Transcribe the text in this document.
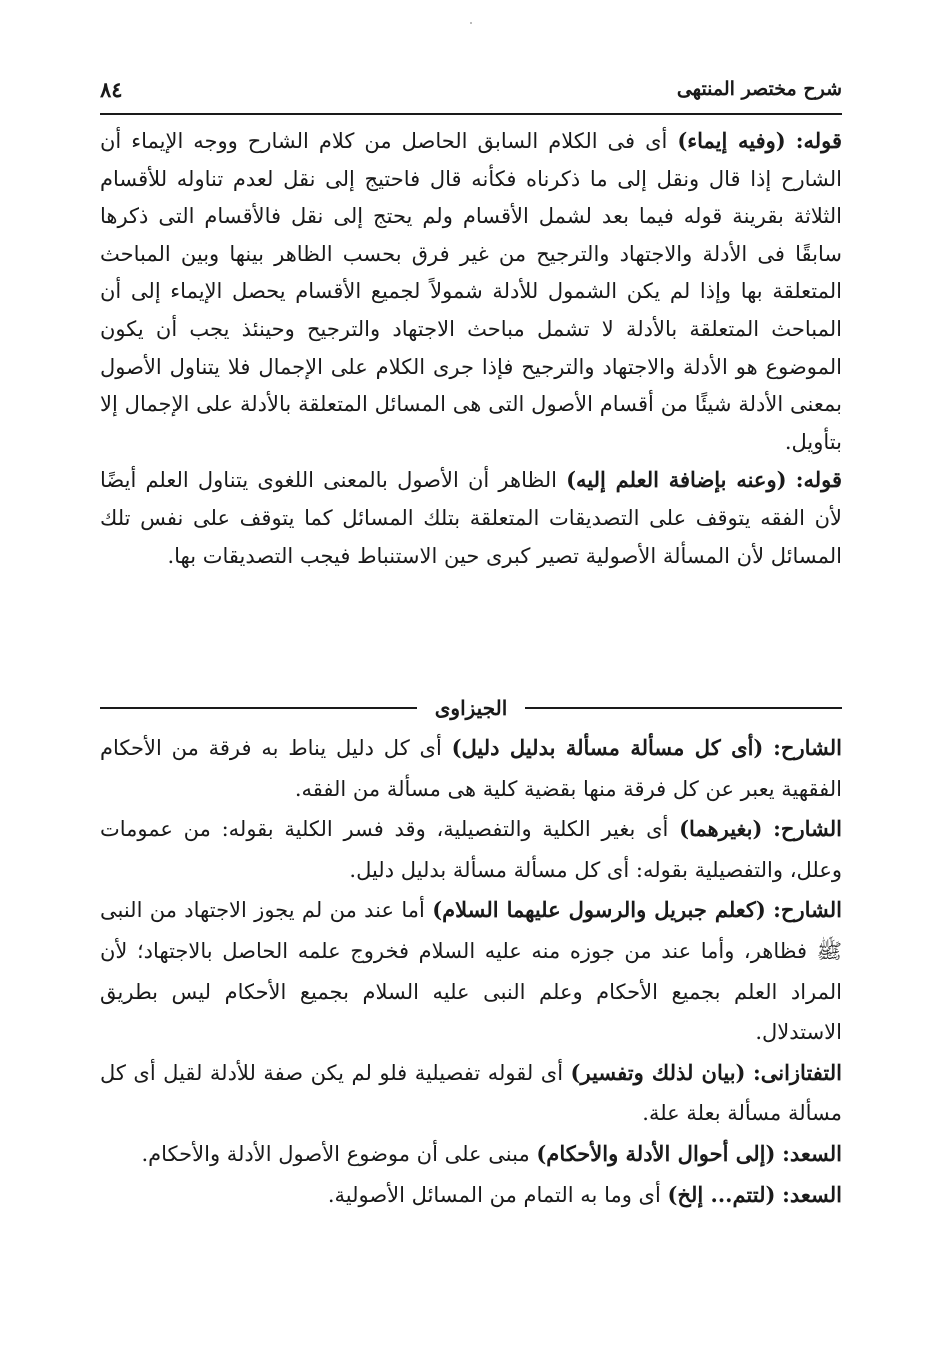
شرح مختصر المنتهى
٨٤

قوله: (وفيه إيماء) أى فى الكلام السابق الحاصل من كلام الشارح ووجه الإيماء أن الشارح إذا قال ونقل إلى ما ذكرناه فكأنه قال فاحتيج إلى نقل لعدم تناوله للأقسام الثلاثة بقرينة قوله فيما بعد لشمل الأقسام ولم يحتج إلى نقل فالأقسام التى ذكرها سابقًا فى الأدلة والاجتهاد والترجيح من غير فرق بحسب الظاهر بينها وبين المباحث المتعلقة بها وإذا لم يكن الشمول للأدلة شمولاً لجميع الأقسام يحصل الإيماء إلى أن المباحث المتعلقة بالأدلة لا تشمل مباحث الاجتهاد والترجيح وحينئذ يجب أن يكون الموضوع هو الأدلة والاجتهاد والترجيح فإذا جرى الكلام على الإجمال فلا يتناول الأصول بمعنى الأدلة شيئًا من أقسام الأصول التى هى المسائل المتعلقة بالأدلة على الإجمال إلا بتأويل.

قوله: (وعنه بإضافة العلم إليه) الظاهر أن الأصول بالمعنى اللغوى يتناول العلم أيضًا لأن الفقه يتوقف على التصديقات المتعلقة بتلك المسائل كما يتوقف على نفس تلك المسائل لأن المسألة الأصولية تصير كبرى حين الاستنباط فيجب التصديقات بها.

الجيزاوى

الشارح: (أى كل مسألة مسألة بدليل دليل) أى كل دليل يناط به فرقة من الأحكام الفقهية يعبر عن كل فرقة منها بقضية كلية هى مسألة من الفقه.

الشارح: (بغيرهما) أى بغير الكلية والتفصيلية، وقد فسر الكلية بقوله: من عمومات وعلل، والتفصيلية بقوله: أى كل مسألة مسألة بدليل دليل.

الشارح: (كعلم جبريل والرسول عليهما السلام) أما عند من لم يجوز الاجتهاد من النبى ﷺ فظاهر، وأما عند من جوزه منه عليه السلام فخروج علمه الحاصل بالاجتهاد؛ لأن المراد العلم بجميع الأحكام وعلم النبى عليه السلام بجميع الأحكام ليس بطريق الاستدلال.

التفتازانى: (بيان لذلك وتفسير) أى لقوله تفصيلية فلو لم يكن صفة للأدلة لقيل أى كل مسألة مسألة بعلة علة.

السعد: (إلى أحوال الأدلة والأحكام) مبنى على أن موضوع الأصول الأدلة والأحكام.

السعد: (لتتم... إلخ) أى وما به التمام من المسائل الأصولية.
